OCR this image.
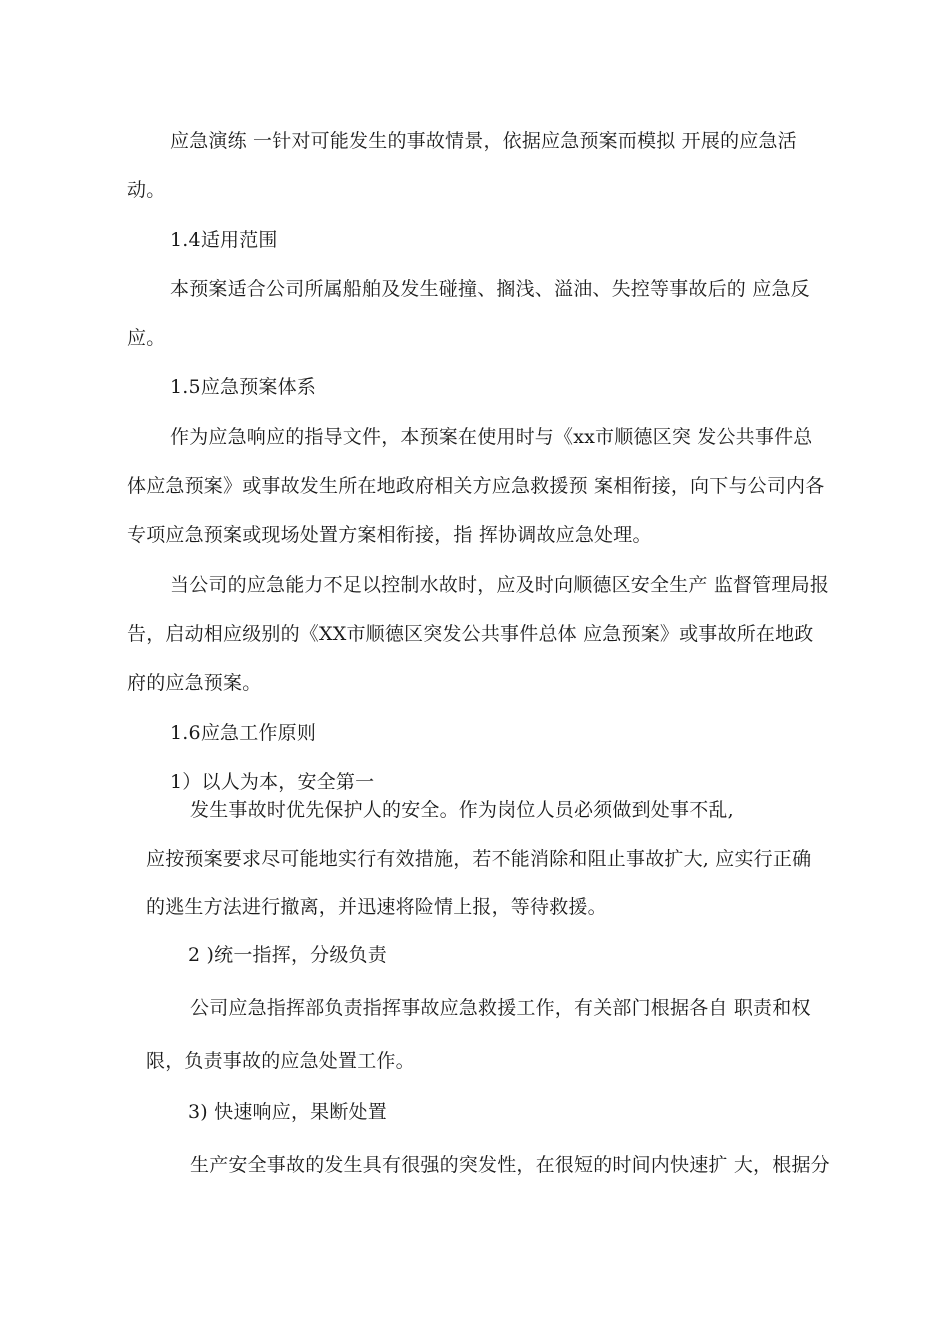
应急演练 一针对可能发生的事故情景，依据应急预案而模拟 开展的应急活
动。
1.4适用范围
本预案适合公司所属船舶及发生碰撞、搁浅、溢油、失控等事故后的 应急反
应。
1.5应急预案体系
作为应急响应的指导文件，本预案在使用时与《xx市顺德区突 发公共事件总
体应急预案》或事故发生所在地政府相关方应急救援预 案相衔接，向下与公司内各
专项应急预案或现场处置方案相衔接，指 挥协调故应急处理。
当公司的应急能力不足以控制水故时，应及时向顺德区安全生产 监督管理局报
告，启动相应级别的《XX市顺德区突发公共事件总体 应急预案》或事故所在地政
府的应急预案。
1.6应急工作原则
1）以人为本，安全第一
发生事故时优先保护人的安全。作为岗位人员必须做到处事不乱,
应按预案要求尽可能地实行有效措施，若不能消除和阻止事故扩大, 应实行正确
的逃生方法进行撤离，并迅速将险情上报，等待救援。
2 )统一指挥，分级负责
公司应急指挥部负责指挥事故应急救援工作，有关部门根据各自 职责和权
限，负责事故的应急处置工作。
3) 快速响应，果断处置
生产安全事故的发生具有很强的突发性，在很短的时间内快速扩 大，根据分
